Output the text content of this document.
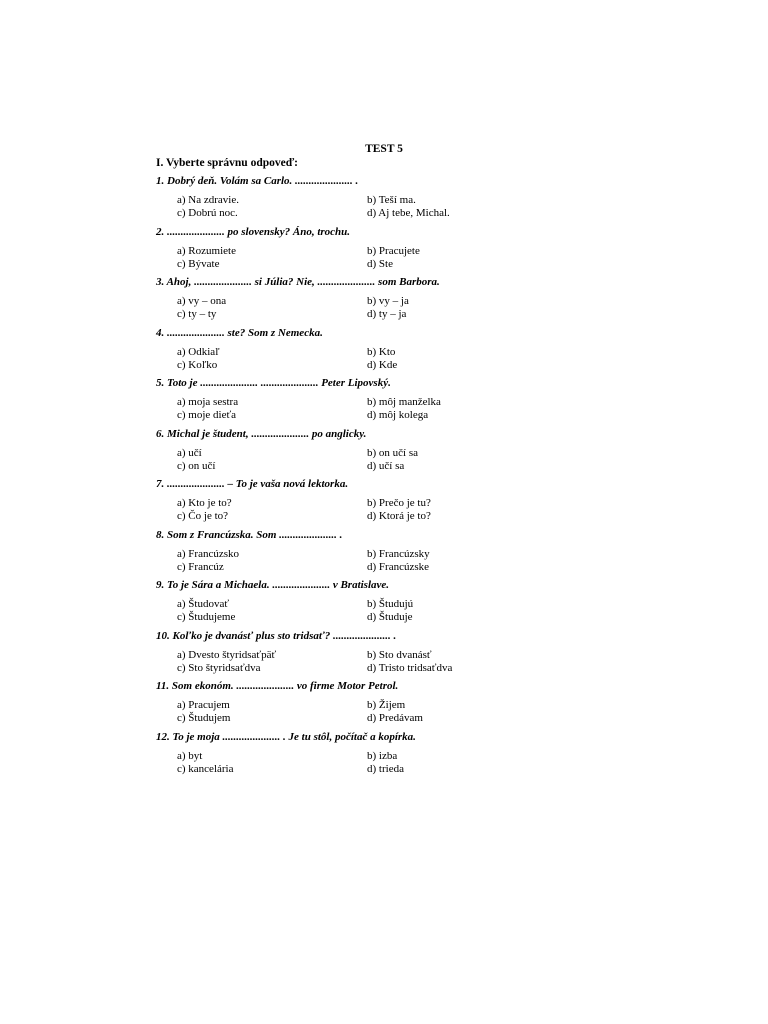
TEST 5
I. Vyberte správnu odpoveď:
1. Dobrý deň. Volám sa Carlo. ..................... .
a) Na zdravie.	b) Teší ma.
c) Dobrú noc.	d) Aj tebe, Michal.
2. ..................... po slovensky? Áno, trochu.
a) Rozumiete	b) Pracujete
c) Bývate	d) Ste
3. Ahoj, ..................... si Júlia? Nie, ..................... som Barbora.
a) vy – ona	b) vy – ja
c) ty – ty	d) ty – ja
4. ..................... ste? Som z Nemecka.
a) Odkiaľ	b) Kto
c) Koľko	d) Kde
5. Toto je ..................... ..................... Peter Lipovský.
a) moja sestra	b) môj manželka
c) moje dieťa	d) môj kolega
6. Michal je študent, ..................... po anglicky.
a) učí	b) on učí sa
c) on učí	d) učí sa
7. ..................... – To je vaša nová lektorka.
a) Kto je to?	b) Prečo je tu?
c) Čo je to?	d) Ktorá je to?
8. Som z Francúzska. Som ..................... .
a) Francúzsko	b) Francúzsky
c) Francúz	d) Francúzske
9. To je Sára a Michaela. ..................... v Bratislave.
a) Študovať	b) Študujú
c) Študujeme	d) Študuje
10. Koľko je dvanásť plus sto tridsať? ..................... .
a) Dvesto štyridsaťpäť	b) Sto dvanásť
c) Sto štyridsaťdva	d) Tristo tridsaťdva
11. Som ekonóm. ..................... vo firme Motor Petrol.
a) Pracujem	b) Žijem
c) Študujem	d) Predávam
12. To je moja ..................... . Je tu stôl, počítač a kopírka.
a) byt	b) izba
c) kancelária	d) trieda
